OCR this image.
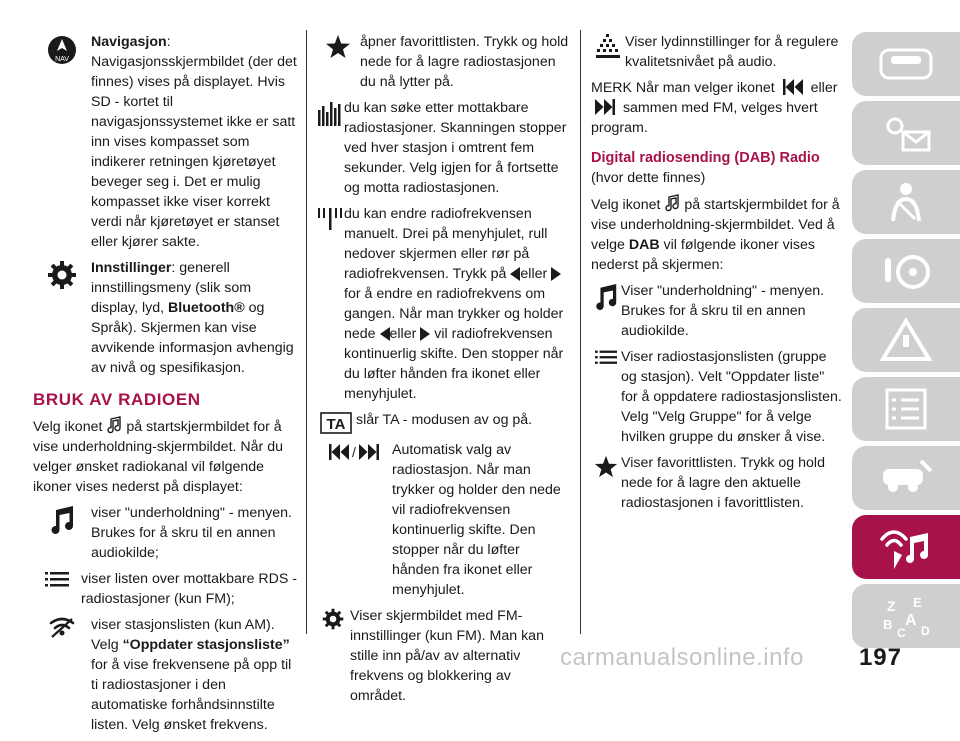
NAV
Navigasjon: Navigasjonsskjermbildet (der det finnes) vises på displayet. Hvis SD - kortet til navigasjonssystemet ikke er satt inn vises kompasset som indikerer retningen kjøretøyet beveger seg i. Det er mulig kompasset ikke viser korrekt verdi når kjøretøyet er stanset eller kjører sakte.
Innstillinger: generell innstillingsmeny (slik som display, lyd, Bluetooth® og Språk). Skjermen kan vise avvikende informasjon avhengig av nivå og spesifikasjon.
BRUK AV RADIOEN

Velg ikonet på startskjermbildet for å vise underholdning-skjermbildet. Når du velger ønsket radiokanal vil følgende ikoner vises nederst på displayet:

viser "underholdning" - menyen. Brukes for å skru til en annen audiokilde;
viser listen over mottakbare RDS - radiostasjoner (kun FM);
viser stasjonslisten (kun AM). Velg “Oppdater stasjonsliste” for å vise frekvensene på opp til ti radiostasjoner i den automatiske forhåndsinnstilte listen. Velg ønsket frekvens.
åpner favorittlisten. Trykk og hold nede for å lagre radiostasjonen du nå lytter på.
du kan søke etter mottakbare radiostasjoner. Skanningen stopper ved hver stasjon i omtrent fem sekunder. Velg igjen for å fortsette og motta radiostasjonen.
du kan endre radiofrekvensen manuelt. Drei på menyhjulet, rull nedover skjermen eller rør på radiofrekvensen. Trykk på eller  for å endre en radiofrekvens om gangen. Når man trykker og holder nede eller vil radiofrekvensen kontinuerlig skifte. Den stopper når du løfter hånden fra ikonet eller menyhjulet.
TA slår TA - modusen av og på.
/	Automatisk valg av radiostasjon. Når man trykker og holder den nede vil radiofrekvensen kontinuerlig skifte. Den stopper når du løfter hånden fra ikonet eller menyhjulet.
Viser skjermbildet med FM-innstillinger (kun FM). Man kan stille inn på/av av alternativ frekvens og blokkering av området.
Viser lydinnstillinger for å regulere kvalitetsnivået på audio.

MERK Når man velger ikonet	eller  sammen med FM, velges hvert program.

Digital radiosending (DAB) Radio

(hvor dette finnes)

Velg ikonet på startskjermbildet for å vise underholdning-skjermbildet. Ved å velge DAB vil følgende ikoner vises nederst på skjermen:

Viser "underholdning" - menyen. Brukes for å skru til en annen audiokilde.
Viser radiostasjonslisten (gruppe og stasjon). Velt "Oppdater liste" for å oppdatere radiostasjonslisten. Velg "Velg Gruppe" for å velge hvilken gruppe du ønsker å vise.
Viser favorittlisten. Trykk og hold nede for å lagre den aktuelle radiostasjonen i favorittlisten.
Z E
B A
C D
carmanualsonline.info 197
